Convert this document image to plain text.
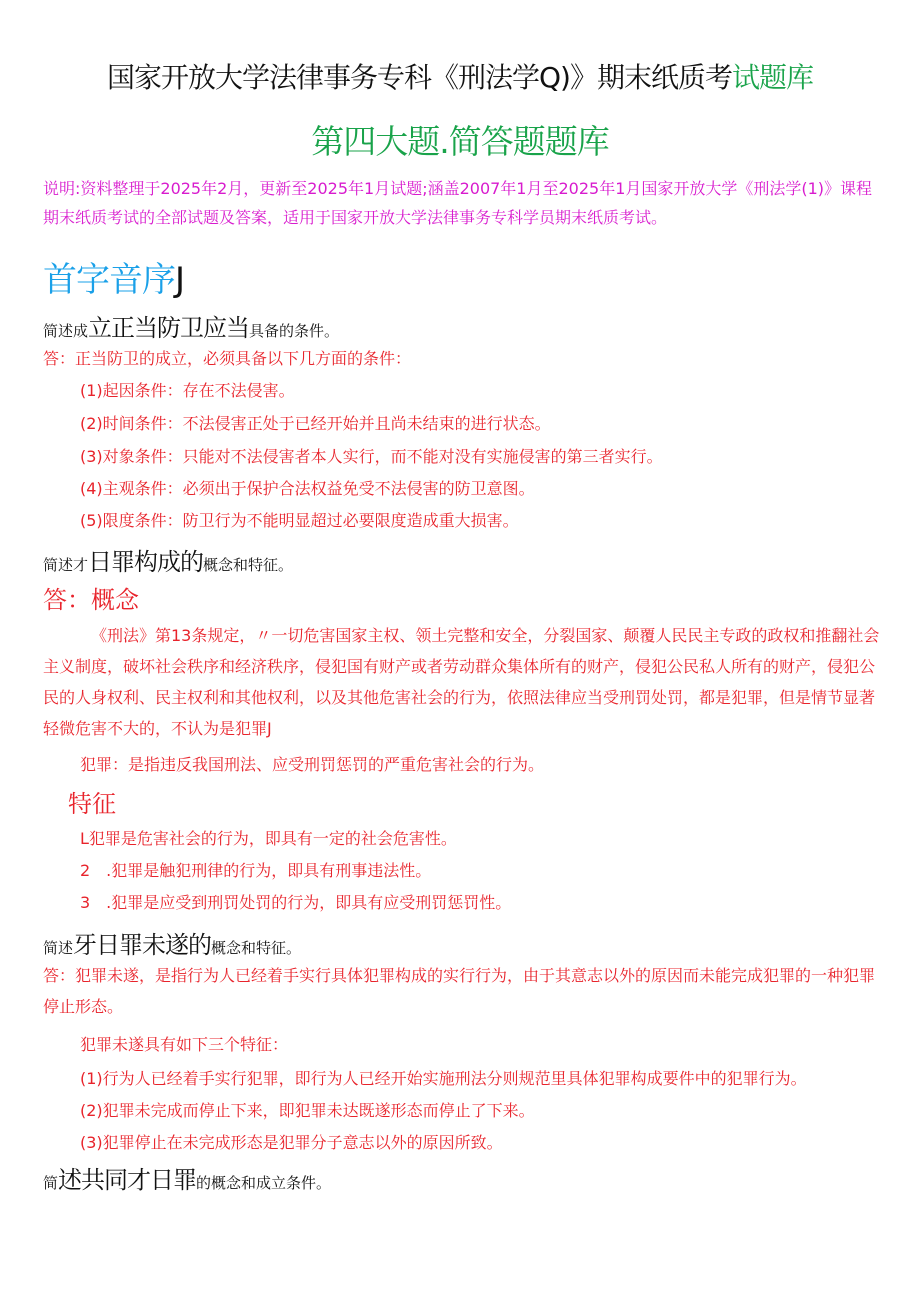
国家开放大学法律事务专科《刑法学Q)》期末纸质考试题库
第四大题.简答题题库
说明:资料整理于2025年2月，更新至2025年1月试题;涵盖2007年1月至2025年1月国家开放大学《刑法学(1)》课程期末纸质考试的全部试题及答案，适用于国家开放大学法律事务专科学员期末纸质考试。
首字音序J
简述成立正当防卫应当具备的条件。
答：正当防卫的成立，必须具备以下几方面的条件：
(1)起因条件：存在不法侵害。
(2)时间条件：不法侵害正处于已经开始并且尚未结束的进行状态。
(3)对象条件：只能对不法侵害者本人实行，而不能对没有实施侵害的第三者实行。
(4)主观条件：必须出于保护合法权益免受不法侵害的防卫意图。
(5)限度条件：防卫行为不能明显超过必要限度造成重大损害。
简述才日罪构成的概念和特征。
答：概念
《刑法》第13条规定，〃一切危害国家主权、领土完整和安全，分裂国家、颠覆人民民主专政的政权和推翻社会主义制度，破坏社会秩序和经济秩序，侵犯国有财产或者劳动群众集体所有的财产，侵犯公民私人所有的财产，侵犯公民的人身权利、民主权利和其他权利，以及其他危害社会的行为，依照法律应当受刑罚处罚，都是犯罪，但是情节显著轻微危害不大的，不认为是犯罪J
犯罪：是指违反我国刑法、应受刑罚惩罚的严重危害社会的行为。
特征
L犯罪是危害社会的行为，即具有一定的社会危害性。
2　.犯罪是触犯刑律的行为，即具有刑事违法性。
3　.犯罪是应受到刑罚处罚的行为，即具有应受刑罚惩罚性。
简述牙日罪未遂的概念和特征。
答：犯罪未遂，是指行为人已经着手实行具体犯罪构成的实行行为，由于其意志以外的原因而未能完成犯罪的一种犯罪停止形态。
犯罪未遂具有如下三个特征：
(1)行为人已经着手实行犯罪，即行为人已经开始实施刑法分则规范里具体犯罪构成要件中的犯罪行为。
(2)犯罪未完成而停止下来，即犯罪未达既遂形态而停止了下来。
(3)犯罪停止在未完成形态是犯罪分子意志以外的原因所致。
简述共同才日罪的概念和成立条件。
